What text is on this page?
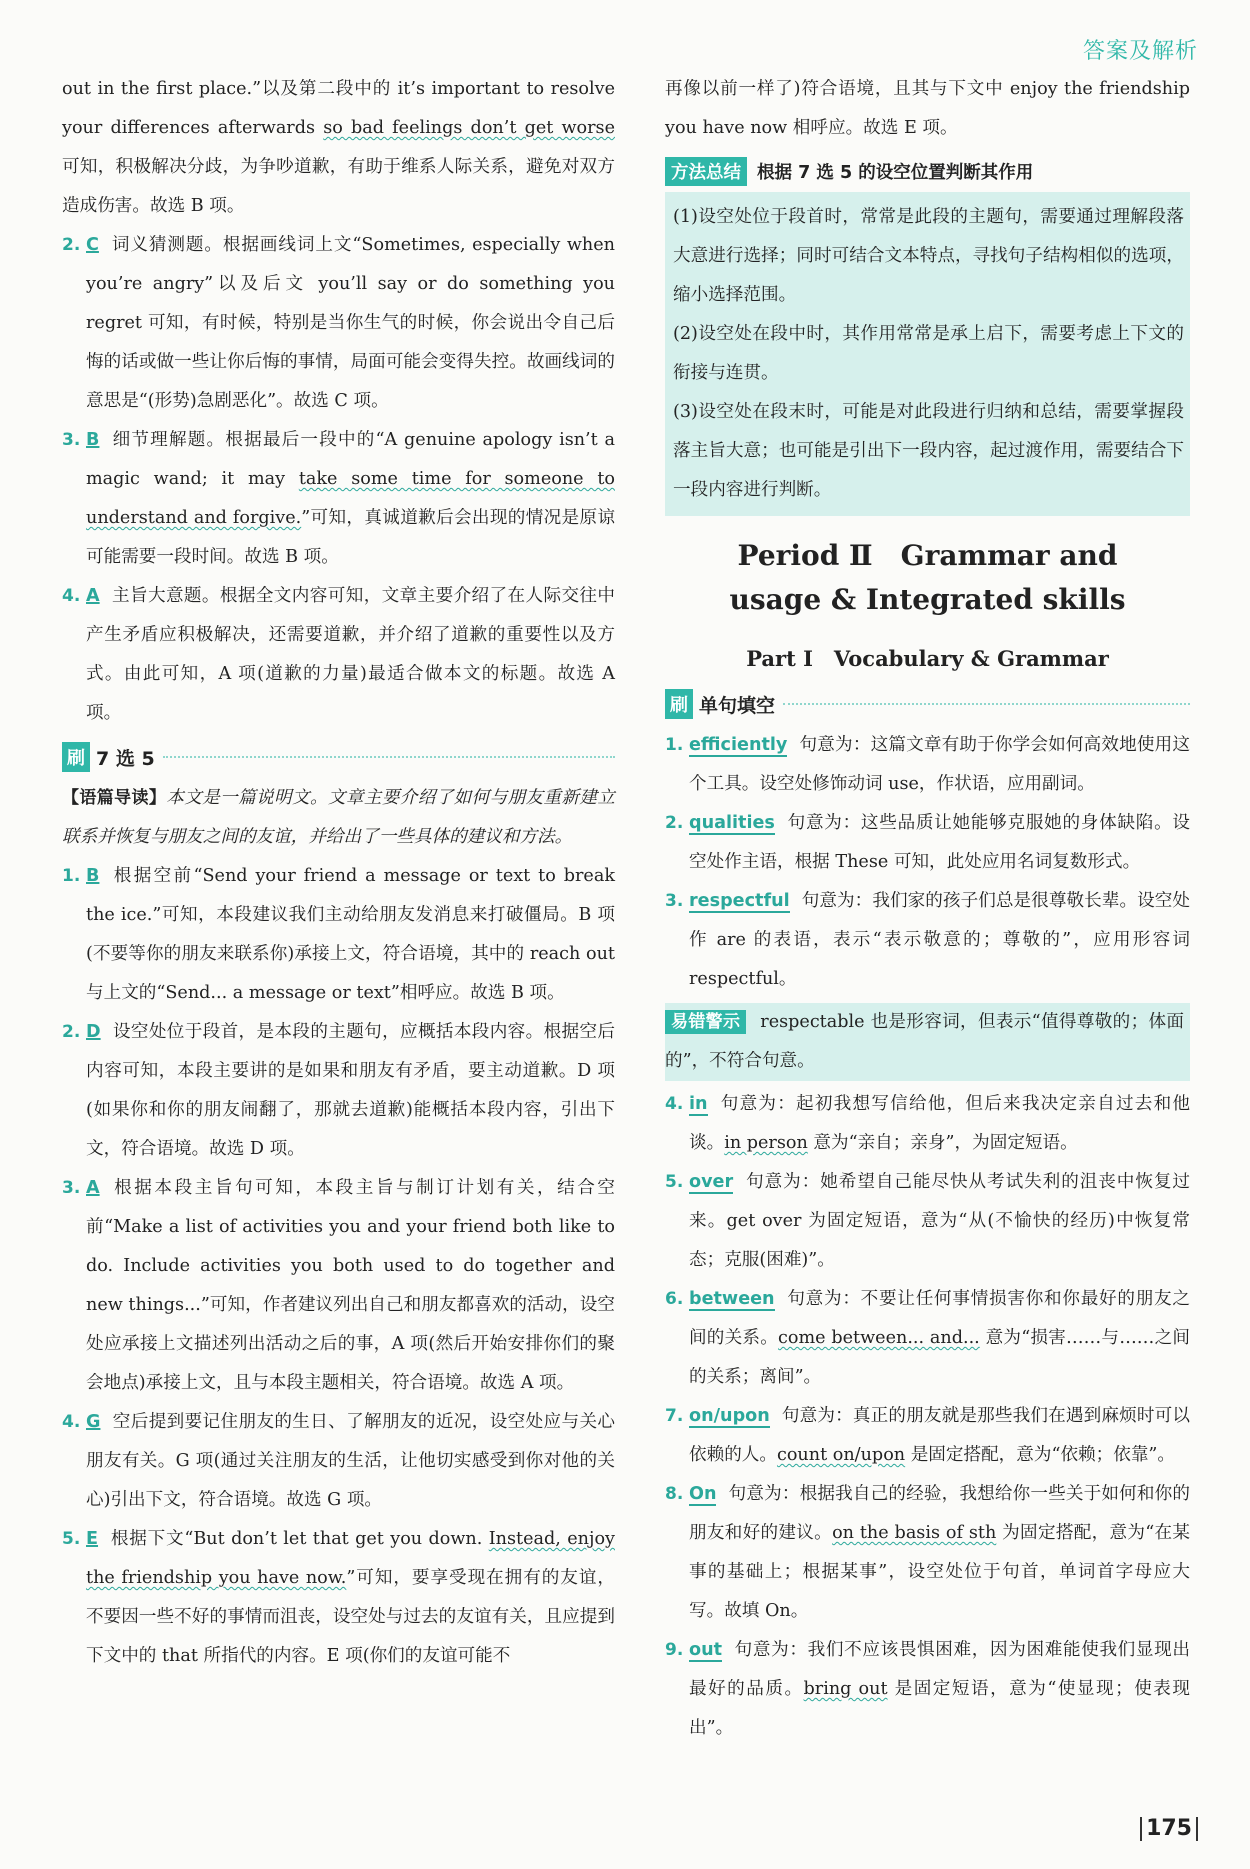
答案及解析

out in the first place.”以及第二段中的 it’s important to resolve your differences afterwards so bad feelings don’t get worse 可知，积极解决分歧，为争吵道歉，有助于维系人际关系，避免对双方造成伤害。故选 B 项。

2. C 词义猜测题。根据画线词上文“Sometimes, especially when you’re angry”以及后文 you’ll say or do something you regret 可知，有时候，特别是当你生气的时候，你会说出令自己后悔的话或做一些让你后悔的事情，局面可能会变得失控。故画线词的意思是“(形势)急剧恶化”。故选 C 项。

3. B 细节理解题。根据最后一段中的“A genuine apology isn’t a magic wand; it may take some time for someone to understand and forgive.”可知，真诚道歉后会出现的情况是原谅可能需要一段时间。故选 B 项。

4. A 主旨大意题。根据全文内容可知，文章主要介绍了在人际交往中产生矛盾应积极解决，还需要道歉，并介绍了道歉的重要性以及方式。由此可知，A 项(道歉的力量)最适合做本文的标题。故选 A 项。

刷 7 选 5

【语篇导读】本文是一篇说明文。文章主要介绍了如何与朋友重新建立联系并恢复与朋友之间的友谊，并给出了一些具体的建议和方法。

1. B 根据空前“Send your friend a message or text to break the ice.”可知，本段建议我们主动给朋友发消息来打破僵局。B 项(不要等你的朋友来联系你)承接上文，符合语境，其中的 reach out 与上文的“Send... a message or text”相呼应。故选 B 项。

2. D 设空处位于段首，是本段的主题句，应概括本段内容。根据空后内容可知，本段主要讲的是如果和朋友有矛盾，要主动道歉。D 项(如果你和你的朋友闹翻了，那就去道歉)能概括本段内容，引出下文，符合语境。故选 D 项。

3. A 根据本段主旨句可知，本段主旨与制订计划有关，结合空前“Make a list of activities you and your friend both like to do. Include activities you both used to do together and new things...”可知，作者建议列出自己和朋友都喜欢的活动，设空处应承接上文描述列出活动之后的事，A 项(然后开始安排你们的聚会地点)承接上文，且与本段主题相关，符合语境。故选 A 项。

4. G 空后提到要记住朋友的生日、了解朋友的近况，设空处应与关心朋友有关。G 项(通过关注朋友的生活，让他切实感受到你对他的关心)引出下文，符合语境。故选 G 项。

5. E 根据下文“But don’t let that get you down. Instead, enjoy the friendship you have now.”可知，要享受现在拥有的友谊，不要因一些不好的事情而沮丧，设空处与过去的友谊有关，且应提到下文中的 that 所指代的内容。E 项(你们的友谊可能不

再像以前一样了)符合语境，且其与下文中 enjoy the friendship you have now 相呼应。故选 E 项。

方法总结 根据 7 选 5 的设空位置判断其作用

(1)设空处位于段首时，常常是此段的主题句，需要通过理解段落大意进行选择；同时可结合文本特点，寻找句子结构相似的选项，缩小选择范围。

(2)设空处在段中时，其作用常常是承上启下，需要考虑上下文的衔接与连贯。

(3)设空处在段末时，可能是对此段进行归纳和总结，需要掌握段落主旨大意；也可能是引出下一段内容，起过渡作用，需要结合下一段内容进行判断。

Period Ⅱ　Grammar and
usage & Integrated skills
Part Ⅰ　Vocabulary & Grammar
刷 单句填空

1. efficiently 句意为：这篇文章有助于你学会如何高效地使用这个工具。设空处修饰动词 use，作状语，应用副词。

2. qualities 句意为：这些品质让她能够克服她的身体缺陷。设空处作主语，根据 These 可知，此处应用名词复数形式。

3. respectful 句意为：我们家的孩子们总是很尊敬长辈。设空处作 are 的表语，表示“表示敬意的；尊敬的”，应用形容词 respectful。

易错警示 respectable 也是形容词，但表示“值得尊敬的；体面的”，不符合句意。

4. in 句意为：起初我想写信给他，但后来我决定亲自过去和他谈。in person 意为“亲自；亲身”，为固定短语。

5. over 句意为：她希望自己能尽快从考试失利的沮丧中恢复过来。get over 为固定短语，意为“从(不愉快的经历)中恢复常态；克服(困难)”。

6. between 句意为：不要让任何事情损害你和你最好的朋友之间的关系。come between... and... 意为“损害……与……之间的关系；离间”。

7. on/upon 句意为：真正的朋友就是那些我们在遇到麻烦时可以依赖的人。count on/upon 是固定搭配，意为“依赖；依靠”。

8. On 句意为：根据我自己的经验，我想给你一些关于如何和你的朋友和好的建议。on the basis of sth 为固定搭配，意为“在某事的基础上；根据某事”，设空处位于句首，单词首字母应大写。故填 On。

9. out 句意为：我们不应该畏惧困难，因为困难能使我们显现出最好的品质。bring out 是固定短语，意为“使显现；使表现出”。

175
